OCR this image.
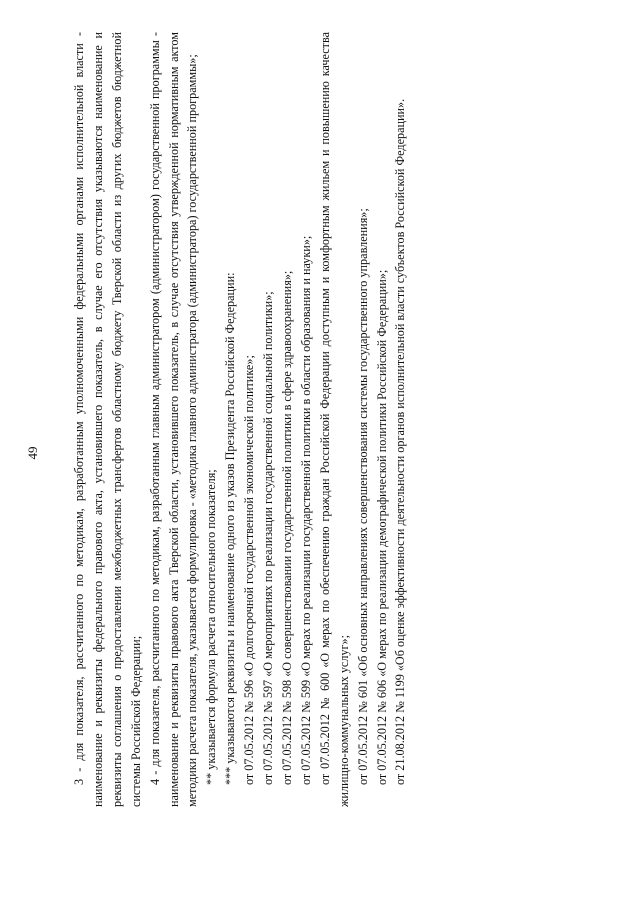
49	3 - для показателя, рассчитанного по методикам, разработанным уполномоченными федеральными органами исполнительной власти - наименование и реквизиты федерального правового акта, установившего показатель, в случае его отсутствия указываются наименование и реквизиты соглашения о предоставлении межбюджетных трансфертов областному бюджету Тверской области из других бюджетов бюджетной системы Российской Федерации; 4 - для показателя, рассчитанного по методикам, разработанным главным администратором (администратором) государственной программы - наименование и реквизиты правового акта Тверской области, установившего показатель, в случае отсутствия утвержденной нормативным актом методики расчета показателя, указывается формулировка - «методика главного администратора (администратора) государственной программы»; ** указывается формула расчета относительного показателя; *** указываются реквизиты и наименование одного из указов Президента Российской Федерации: от 07.05.2012 № 596 «О долгосрочной государственной экономической политике»; от 07.05.2012 № 597 «О мероприятиях по реализации государственной социальной политики»; от 07.05.2012 № 598 «О совершенствовании государственной политики в сфере здравоохранения»; от 07.05.2012 № 599 «О мерах по реализации государственной политики в области образования и науки»; от 07.05.2012 № 600 «О мерах по обеспечению граждан Российской Федерации доступным и комфортным жильем и повышению качества жилищно-коммунальных услуг»; от 07.05.2012 № 601 «Об основных направлениях совершенствования системы государственного управления»; от 07.05.2012 № 606 «О мерах по реализации демографической политики Российской Федерации»; от 21.08.2012 № 1199 «Об оценке эффективности деятельности органов исполнительной власти субъектов Российской Федерации».
